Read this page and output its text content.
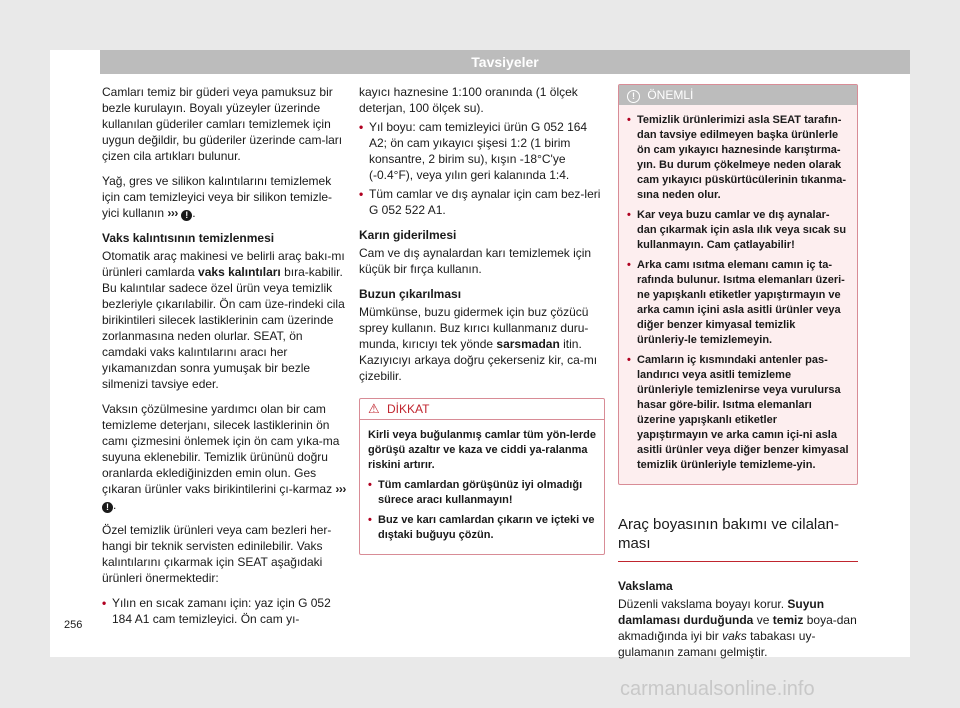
Tavsiyeler

Camları temiz bir güderi veya pamuksuz bir bezle kurulayın. Boyalı yüzeyler üzerinde kullanılan güderiler camları temizlemek için uygun değildir, bu güderiler üzerinde cam-ları çizen cila artıkları bulunur.

Yağ, gres ve silikon kalıntılarını temizlemek için cam temizleyici veya bir silikon temizle-yici kullanın ››› ! .

Vaks kalıntısının temizlenmesi

Otomatik araç makinesi ve belirli araç bakı-mı ürünleri camlarda vaks kalıntıları bıra-kabilir. Bu kalıntılar sadece özel ürün veya temizlik bezleriyle çıkarılabilir. Ön cam üze-rindeki cila birikintileri silecek lastiklerinin cam üzerinde zorlanmasına neden olurlar. SEAT, ön camdaki vaks kalıntılarını aracı her yıkamanızdan sonra yumuşak bir bezle silmenizi tavsiye eder.

Vaksın çözülmesine yardımcı olan bir cam temizleme deterjanı, silecek lastiklerinin ön camı çizmesini önlemek için ön cam yıka-ma suyuna eklenebilir. Temizlik ürününü doğru oranlarda eklediğinizden emin olun. Ges çıkaran ürünler vaks birikintilerini çı-karmaz ››› ! .

Özel temizlik ürünleri veya cam bezleri her-hangi bir teknik servisten edinilebilir. Vaks kalıntılarını çıkarmak için SEAT aşağıdaki ürünleri önermektedir:

• Yılın en sıcak zamanı için: yaz için G 052 184 A1 cam temizleyici. Ön cam yı-

kayıcı haznesine 1:100 oranında (1 ölçek deterjan, 100 ölçek su).

• Yıl boyu: cam temizleyici ürün G 052 164 A2; ön cam yıkayıcı şişesi 1:2 (1 birim konsantre, 2 birim su), kışın -18°C'ye (-0.4°F), veya yılın geri kalanında 1:4.
• Tüm camlar ve dış aynalar için cam bez-leri G 052 522 A1.
Karın giderilmesi

Cam ve dış aynalardan karı temizlemek için küçük bir fırça kullanın.

Buzun çıkarılması

Mümkünse, buzu gidermek için buz çözücü sprey kullanın. Buz kırıcı kullanmanız duru-munda, kırıcıyı tek yönde sarsmadan itin. Kazıyıcıyı arkaya doğru çekerseniz kir, ca-mı çizebilir.

⚠ DİKKAT

Kirli veya buğulanmış camlar tüm yön-lerde görüşü azaltır ve kaza ve ciddi ya-ralanma riskini artırır.

• Tüm camlardan görüşünüz iyi olmadığı sürece aracı kullanmayın!
• Buz ve karı camlardan çıkarın ve içteki ve dıştaki buğuyu çözün.
! ÖNEMLİ
• Temizlik ürünlerimizi asla SEAT tarafın-dan tavsiye edilmeyen başka ürünlerle ön cam yıkayıcı haznesinde karıştırma-yın. Bu durum çökelmeye neden olarak cam yıkayıcı püskürtücülerinin tıkanma-sına neden olur.
• Kar veya buzu camlar ve dış aynalar-dan çıkarmak için asla ılık veya sıcak su kullanmayın. Cam çatlayabilir!
• Arka camı ısıtma elemanı camın iç ta-rafında bulunur. Isıtma elemanları üzeri-ne yapışkanlı etiketler yapıştırmayın ve arka camın içini asla asitli ürünler veya diğer benzer kimyasal temizlik ürünleriy-le temizlemeyin.
• Camların iç kısmındaki antenler pas-landırıcı veya asitli temizleme ürünleriyle temizlenirse veya vurulursa hasar göre-bilir. Isıtma elemanları üzerine yapışkanlı etiketler yapıştırmayın ve arka camın içi-ni asla asitli ürünler veya diğer benzer kimyasal temizlik ürünleriyle temizleme-yin.
Araç boyasının bakımı ve cilalan-ması
Vakslama

Düzenli vakslama boyayı korur. Suyun damlaması durduğunda ve temiz boya-dan akmadığında iyi bir vaks tabakası uy-gulamanın zamanı gelmiştir.

256
carmanualsonline.info
